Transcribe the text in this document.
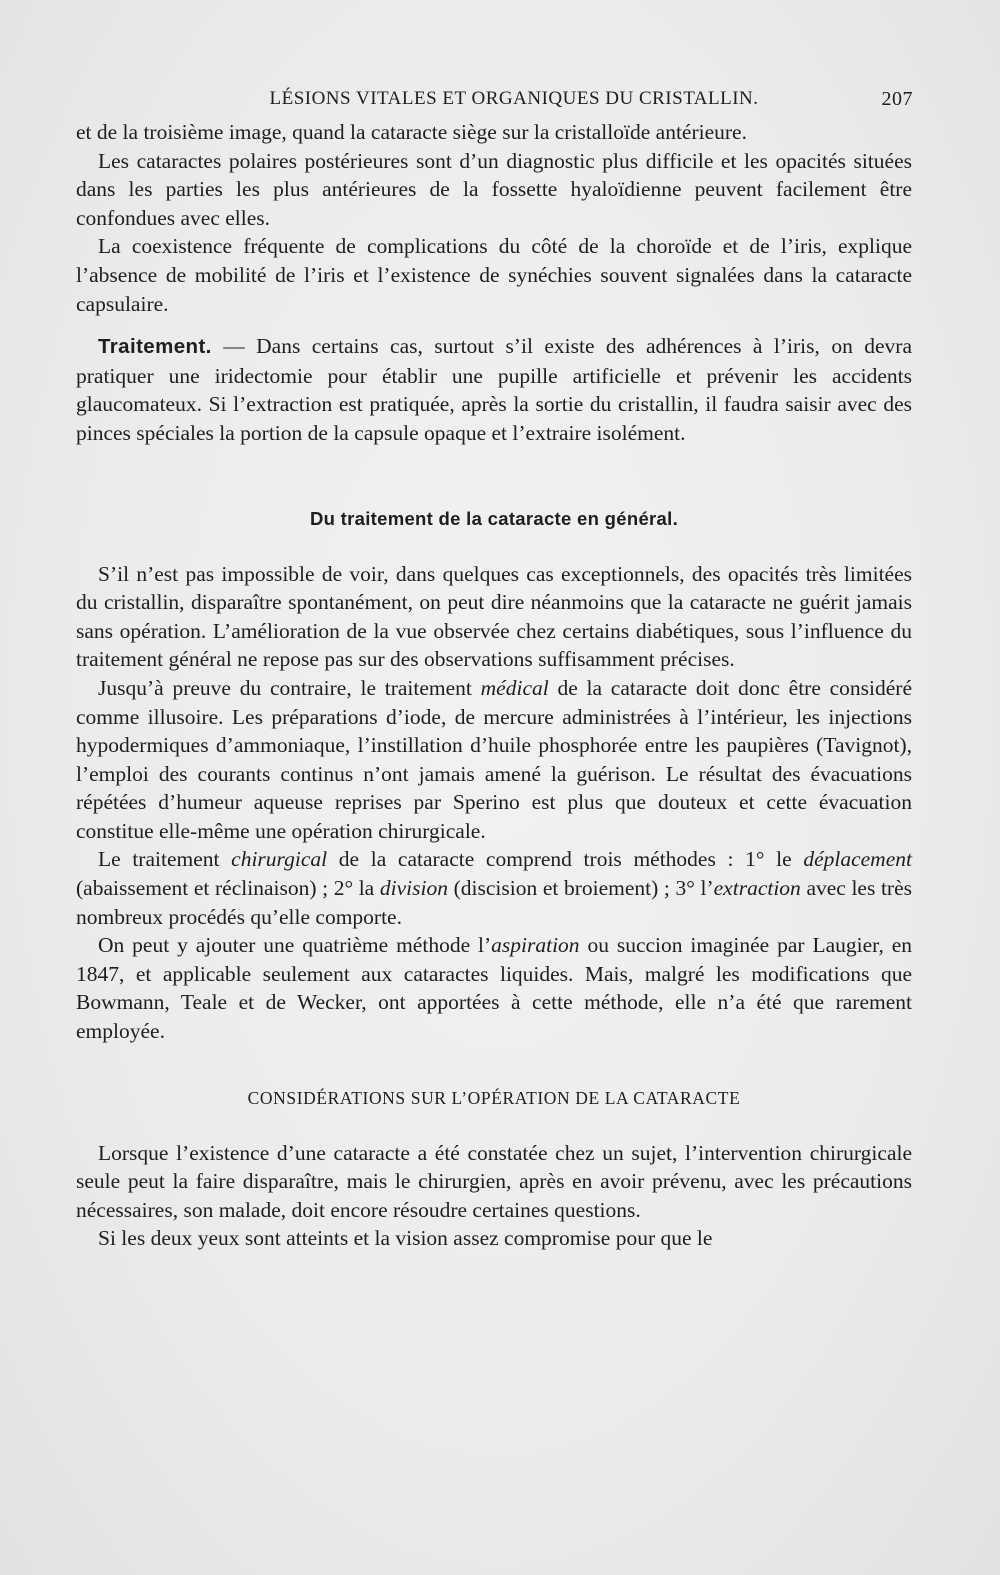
LÉSIONS VITALES ET ORGANIQUES DU CRISTALLIN.	207

et de la troisième image, quand la cataracte siège sur la cristalloïde antérieure.

Les cataractes polaires postérieures sont d’un diagnostic plus difficile et les opacités situées dans les parties les plus antérieures de la fossette hyaloïdienne peuvent facilement être confondues avec elles.

La coexistence fréquente de complications du côté de la choroïde et de l’iris, explique l’absence de mobilité de l’iris et l’existence de synéchies souvent signalées dans la cataracte capsulaire.

Traitement. — Dans certains cas, surtout s’il existe des adhérences à l’iris, on devra pratiquer une iridectomie pour établir une pupille artificielle et prévenir les accidents glaucomateux. Si l’extraction est pratiquée, après la sortie du cristallin, il faudra saisir avec des pinces spéciales la portion de la capsule opaque et l’extraire isolément.

Du traitement de la cataracte en général.

S’il n’est pas impossible de voir, dans quelques cas exceptionnels, des opacités très limitées du cristallin, disparaître spontanément, on peut dire néanmoins que la cataracte ne guérit jamais sans opération. L’amélioration de la vue observée chez certains diabétiques, sous l’influence du traitement général ne repose pas sur des observations suffisamment précises.

Jusqu’à preuve du contraire, le traitement médical de la cataracte doit donc être considéré comme illusoire. Les préparations d’iode, de mercure administrées à l’intérieur, les injections hypodermiques d’ammoniaque, l’instillation d’huile phosphorée entre les paupières (Tavignot), l’emploi des courants continus n’ont jamais amené la guérison. Le résultat des évacuations répétées d’humeur aqueuse reprises par Sperino est plus que douteux et cette évacuation constitue elle-même une opération chirurgicale.

Le traitement chirurgical de la cataracte comprend trois méthodes : 1° le déplacement (abaissement et réclinaison) ; 2° la division (discision et broiement) ; 3° l’extraction avec les très nombreux procédés qu’elle comporte.

On peut y ajouter une quatrième méthode l’aspiration ou succion imaginée par Laugier, en 1847, et applicable seulement aux cataractes liquides. Mais, malgré les modifications que Bowmann, Teale et de Wecker, ont apportées à cette méthode, elle n’a été que rarement employée.

CONSIDÉRATIONS SUR L’OPÉRATION DE LA CATARACTE

Lorsque l’existence d’une cataracte a été constatée chez un sujet, l’intervention chirurgicale seule peut la faire disparaître, mais le chirurgien, après en avoir prévenu, avec les précautions nécessaires, son malade, doit encore résoudre certaines questions.

Si les deux yeux sont atteints et la vision assez compromise pour que le
